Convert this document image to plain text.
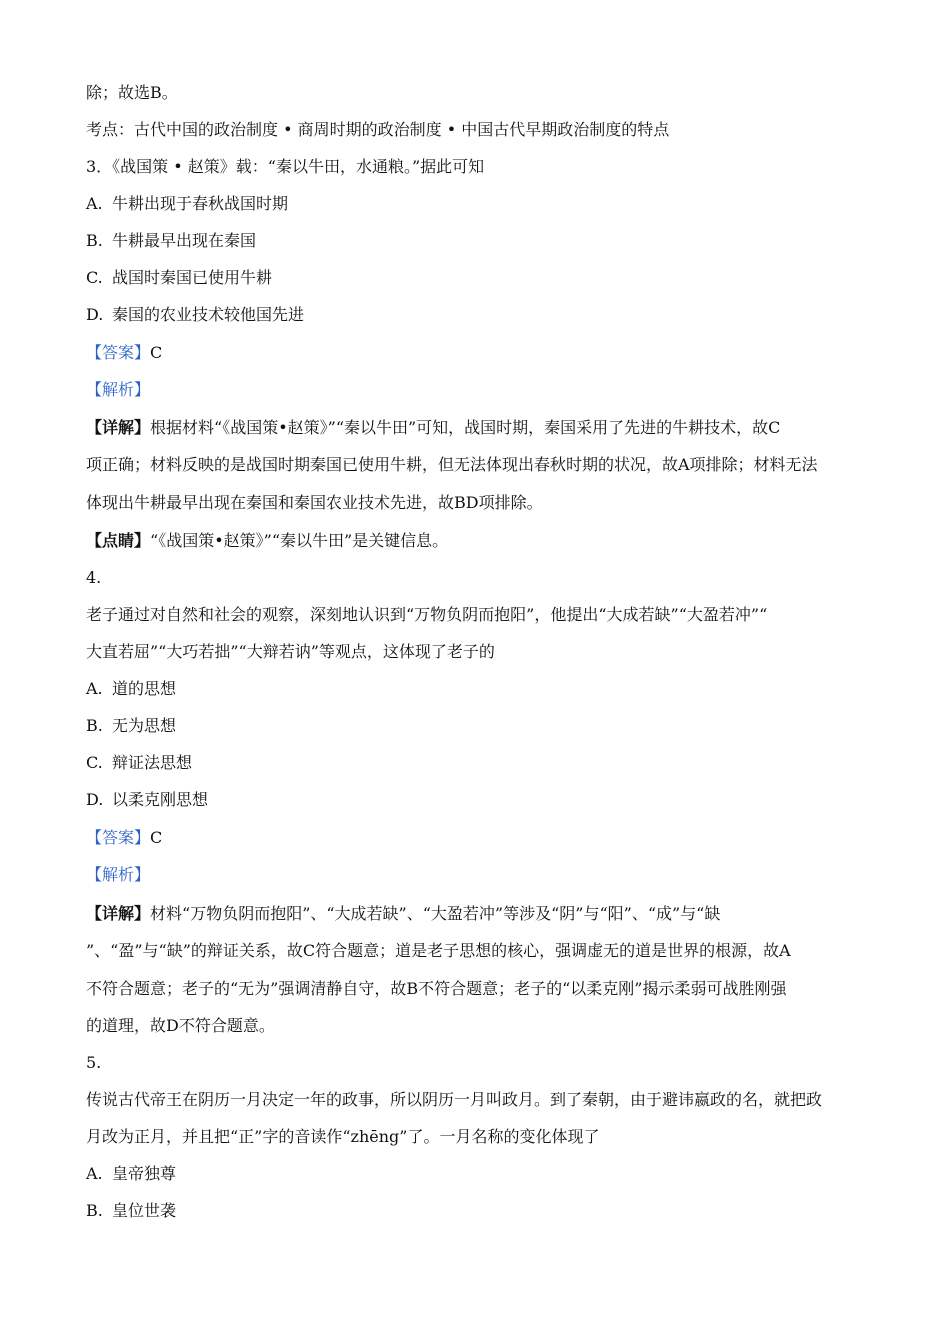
除；故选B。
考点：古代中国的政治制度 • 商周时期的政治制度 • 中国古代早期政治制度的特点
3．《战国策 • 赵策》载：“秦以牛田，水通粮。”据此可知
A. 牛耕出现于春秋战国时期
B. 牛耕最早出现在秦国
C. 战国时秦国已使用牛耕
D. 秦国的农业技术较他国先进
【答案】C
【解析】
【详解】根据材料“《战国策•赵策》”“秦以牛田”可知，战国时期，秦国采用了先进的牛耕技术，故C
项正确；材料反映的是战国时期秦国已使用牛耕，但无法体现出春秋时期的状况，故A项排除；材料无法
体现出牛耕最早出现在秦国和秦国农业技术先进，故BD项排除。
【点睛】“《战国策•赵策》”“秦以牛田”是关键信息。
4.
老子通过对自然和社会的观察，深刻地认识到“万物负阴而抱阳”，他提出“大成若缺”“大盈若冲”“
大直若屈”“大巧若拙”“大辩若讷”等观点，这体现了老子的
A. 道的思想
B. 无为思想
C. 辩证法思想
D. 以柔克刚思想
【答案】C
【解析】
【详解】材料“万物负阴而抱阳”、“大成若缺”、“大盈若冲”等涉及“阴”与“阳”、“成”与“缺
”、“盈”与“缺”的辩证关系，故C符合题意；道是老子思想的核心，强调虚无的道是世界的根源，故A
不符合题意；老子的“无为”强调清静自守，故B不符合题意；老子的“以柔克刚”揭示柔弱可战胜刚强
的道理，故D不符合题意。
5.
传说古代帝王在阴历一月决定一年的政事，所以阴历一月叫政月。到了秦朝，由于避讳嬴政的名，就把政
月改为正月，并且把“正”字的音读作“zhēng”了。一月名称的变化体现了
A. 皇帝独尊
B. 皇位世袭
